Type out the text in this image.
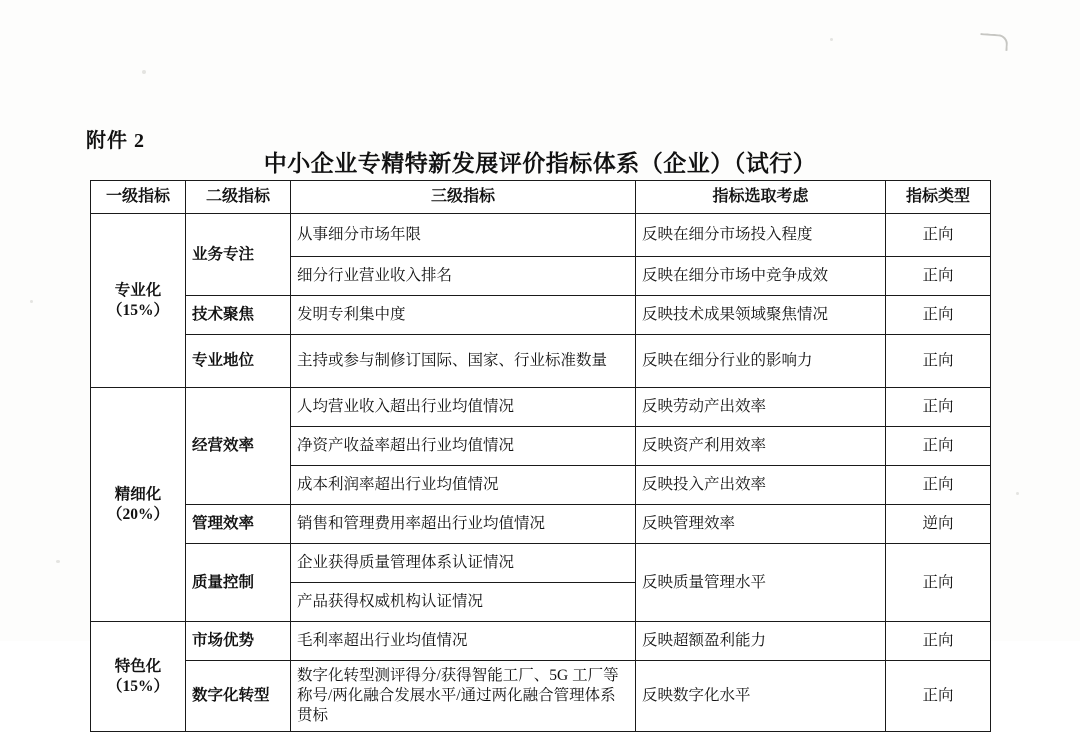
附件 2
中小企业专精特新发展评价指标体系（企业）（试行）
一级指标	二级指标	三级指标	指标选取考虑	指标类型
专业化
（15%）	业务专注	从事细分市场年限	反映在细分市场投入程度	正向
		细分行业营业收入排名	反映在细分市场中竞争成效	正向
	技术聚焦	发明专利集中度	反映技术成果领域聚焦情况	正向
	专业地位	主持或参与制修订国际、国家、行业标准数量	反映在细分行业的影响力	正向
精细化
（20%）	经营效率	人均营业收入超出行业均值情况	反映劳动产出效率	正向
		净资产收益率超出行业均值情况	反映资产利用效率	正向
		成本利润率超出行业均值情况	反映投入产出效率	正向
	管理效率	销售和管理费用率超出行业均值情况	反映管理效率	逆向
	质量控制	企业获得质量管理体系认证情况	反映质量管理水平	正向
		产品获得权威机构认证情况		
特色化
（15%）	市场优势	毛利率超出行业均值情况	反映超额盈利能力	正向
	数字化转型	数字化转型测评得分/获得智能工厂、5G 工厂等称号/两化融合发展水平/通过两化融合管理体系贯标	反映数字化水平	正向
